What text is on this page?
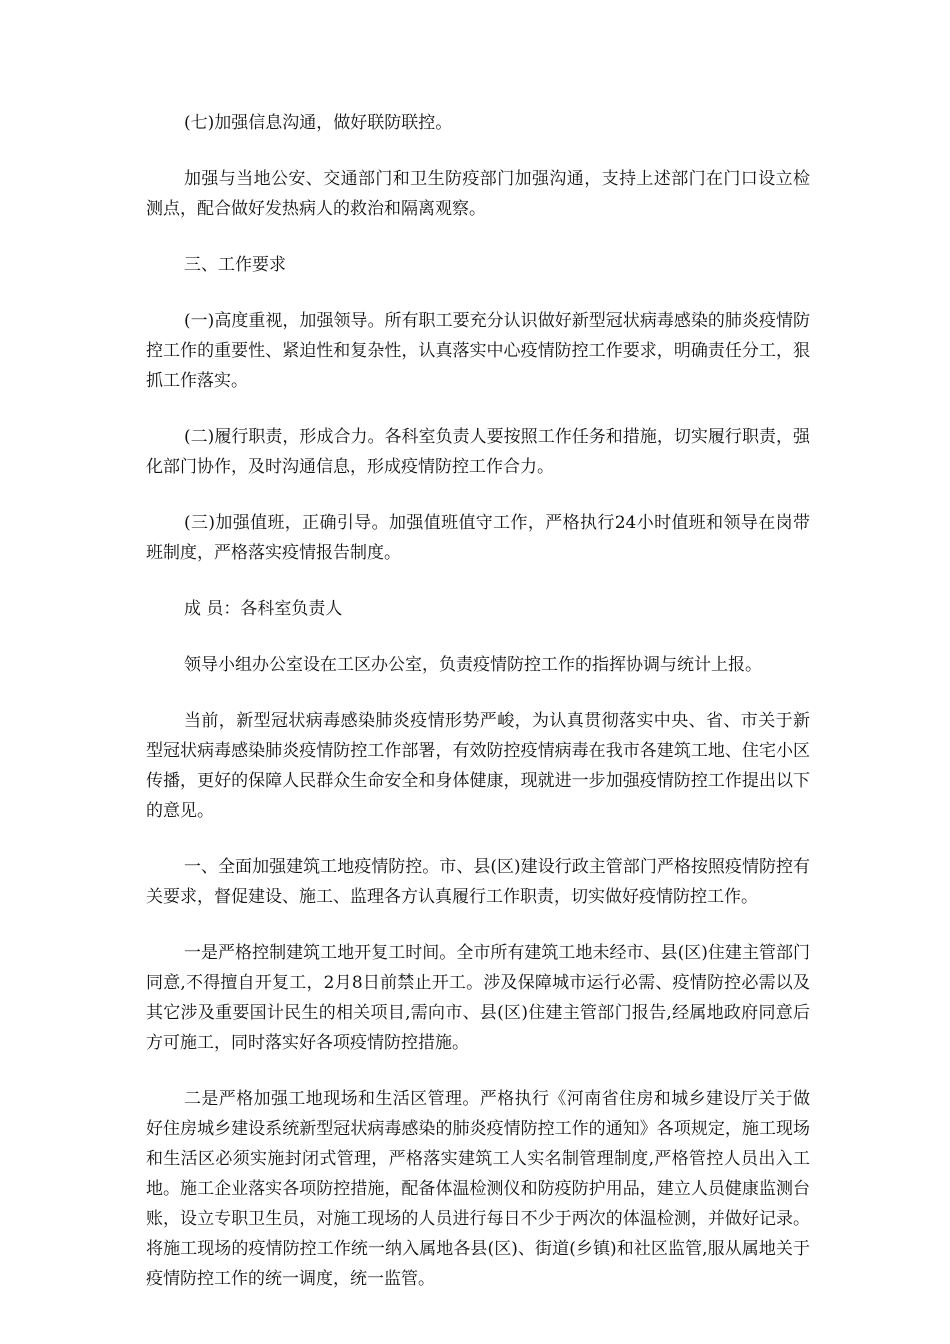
(七)加强信息沟通，做好联防联控。

加强与当地公安、交通部门和卫生防疫部门加强沟通，支持上述部门在门口设立检测点，配合做好发热病人的救治和隔离观察。

三、工作要求

(一)高度重视，加强领导。所有职工要充分认识做好新型冠状病毒感染的肺炎疫情防控工作的重要性、紧迫性和复杂性，认真落实中心疫情防控工作要求，明确责任分工，狠抓工作落实。

(二)履行职责，形成合力。各科室负责人要按照工作任务和措施，切实履行职责，强化部门协作，及时沟通信息，形成疫情防控工作合力。

(三)加强值班，正确引导。加强值班值守工作，严格执行24小时值班和领导在岗带班制度，严格落实疫情报告制度。

成 员：各科室负责人

领导小组办公室设在工区办公室，负责疫情防控工作的指挥协调与统计上报。

当前，新型冠状病毒感染肺炎疫情形势严峻，为认真贯彻落实中央、省、市关于新型冠状病毒感染肺炎疫情防控工作部署，有效防控疫情病毒在我市各建筑工地、住宅小区传播，更好的保障人民群众生命安全和身体健康，现就进一步加强疫情防控工作提出以下的意见。

一、全面加强建筑工地疫情防控。市、县(区)建设行政主管部门严格按照疫情防控有关要求，督促建设、施工、监理各方认真履行工作职责，切实做好疫情防控工作。

一是严格控制建筑工地开复工时间。全市所有建筑工地未经市、县(区)住建主管部门同意,不得擅自开复工，2月8日前禁止开工。涉及保障城市运行必需、疫情防控必需以及其它涉及重要国计民生的相关项目,需向市、县(区)住建主管部门报告,经属地政府同意后方可施工，同时落实好各项疫情防控措施。

二是严格加强工地现场和生活区管理。严格执行《河南省住房和城乡建设厅关于做好住房城乡建设系统新型冠状病毒感染的肺炎疫情防控工作的通知》各项规定，施工现场和生活区必须实施封闭式管理，严格落实建筑工人实名制管理制度,严格管控人员出入工地。施工企业落实各项防控措施，配备体温检测仪和防疫防护用品，建立人员健康监测台账，设立专职卫生员，对施工现场的人员进行每日不少于两次的体温检测，并做好记录。将施工现场的疫情防控工作统一纳入属地各县(区)、街道(乡镇)和社区监管,服从属地关于疫情防控工作的统一调度，统一监管。
